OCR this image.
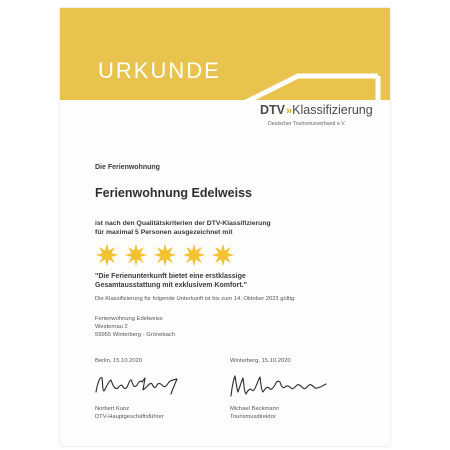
URKUNDE
DTV» Klassifizierung
Deutscher Tourismusverband e.V.
Die Ferienwohnung
Ferienwohnung Edelweiss
ist nach den Qualitätskriterien der DTV-Klassifizierung
für maximal 5 Personen ausgezeichnet mit
"Die Ferienunterkunft bietet eine erstklassige
Gesamtausstattung mit exklusivem Komfort."
Die Klassifizierung für folgende Unterkunft ist bis zum 14. Oktober 2023 gültig:
Ferienwohnung Edelweiss
Westernau 2
59955 Winterberg - Grönebach
Berlin, 15.10.2020	Winterberg, 15.10.2020
Norbert Kunz
DTV-Hauptgeschäftsführer
Michael Beckmann
Tourismusdirektor
